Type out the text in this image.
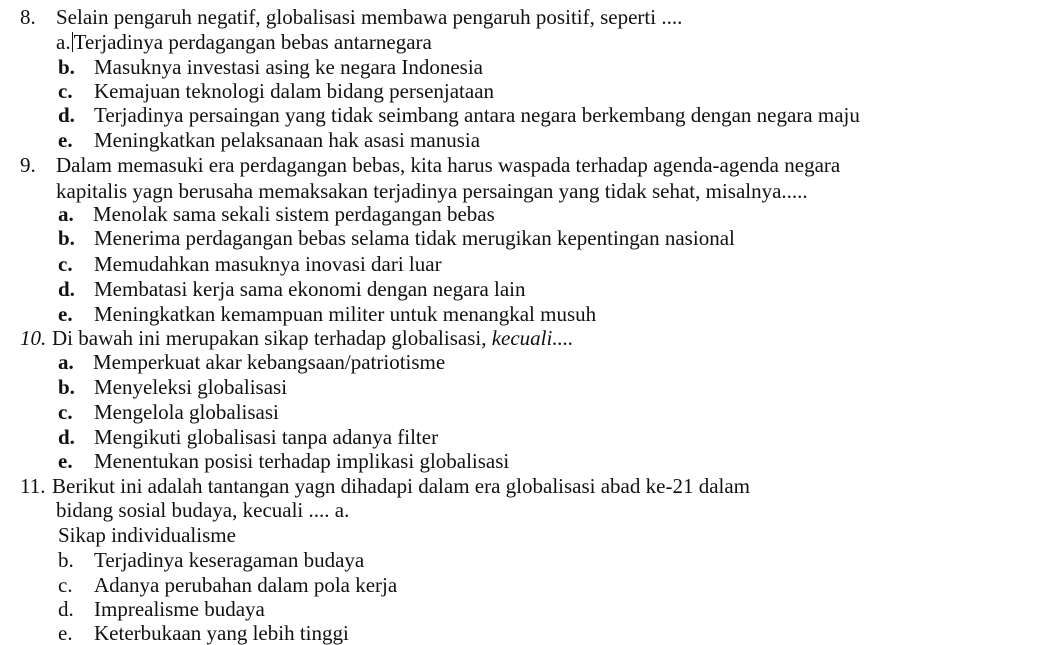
8. Selain pengaruh negatif, globalisasi membawa pengaruh positif, seperti ....
a. Terjadinya perdagangan bebas antarnegara
b. Masuknya investasi asing ke negara Indonesia
c. Kemajuan teknologi dalam bidang persenjataan
d. Terjadinya persaingan yang tidak seimbang antara negara berkembang dengan negara maju
e. Meningkatkan pelaksanaan hak asasi manusia
9. Dalam memasuki era perdagangan bebas, kita harus waspada terhadap agenda-agenda negara
kapitalis yagn berusaha memaksakan terjadinya persaingan yang tidak sehat, misalnya.....
a. Menolak sama sekali sistem perdagangan bebas
b. Menerima perdagangan bebas selama tidak merugikan kepentingan nasional
c. Memudahkan masuknya inovasi dari luar
d. Membatasi kerja sama ekonomi dengan negara lain
e. Meningkatkan kemampuan militer untuk menangkal musuh
10. Di bawah ini merupakan sikap terhadap globalisasi, kecuali....
a. Memperkuat akar kebangsaan/patriotisme
b. Menyeleksi globalisasi
c. Mengelola globalisasi
d. Mengikuti globalisasi tanpa adanya filter
e. Menentukan posisi terhadap implikasi globalisasi
11. Berikut ini adalah tantangan yagn dihadapi dalam era globalisasi abad ke-21 dalam
bidang sosial budaya, kecuali .... a.
Sikap individualisme
b. Terjadinya keseragaman budaya
c. Adanya perubahan dalam pola kerja
d. Imprealisme budaya
e. Keterbukaan yang lebih tinggi
